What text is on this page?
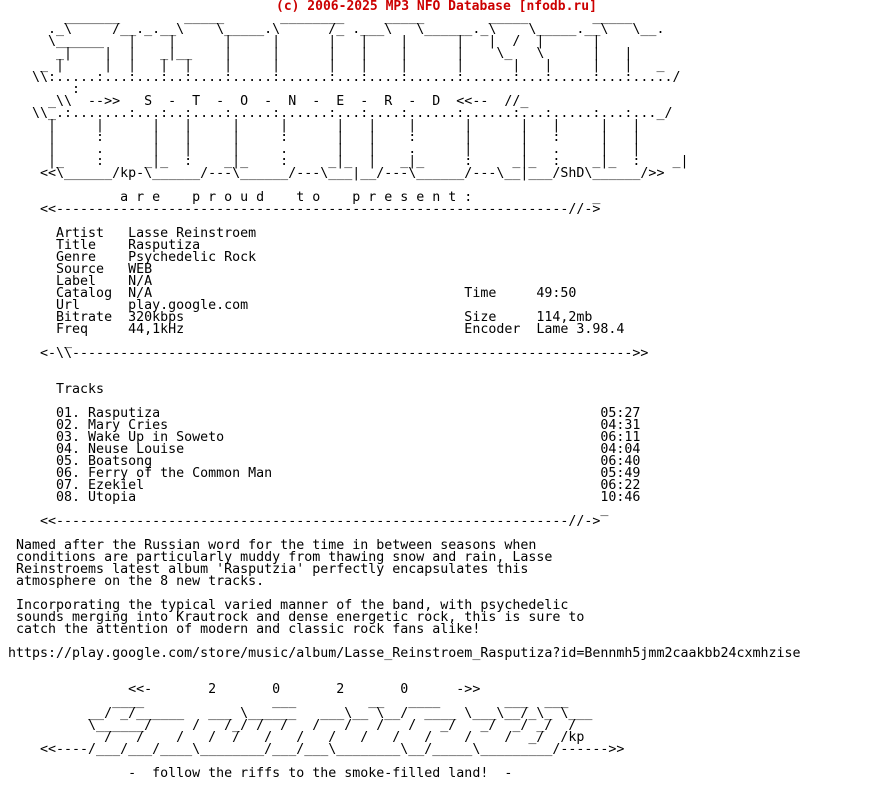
(c) 2006-2025 MP3 NFO Database [nfodb.ru]
_______        _____       ________     _____        _____        _____
._\     /__._.__\    \_____.\      /_ .___\   \______._\    \_____.__\   \__.
\______   |    |      |     |      |   |    |      |   |  /  |      |
_|    |  |   _|__    |     |      |   |    |      |    \_   \      |   |
_ |     |  |   |  |    |     |      |   |    |      |      |   |     |   |   _
\\:.....:...:...:..:....:.....:......:...:....:......:......:...:.....:...:...../
:
_\\  -->>   S  -  T  -  O  -  N  -  E  -  R  -  D  <<--  //_
\\_.:.......:...:..:....:.....:......:...:....:......:......:...:.....:...:..._/
|     |      |   |     |     |      |   |    |      |      |   |     |   |
|     :      |   |     |     :      |   |    :      |      |   :     |   |
|     .      |   |     |     .      |   |    .      |      |   .     |   |
|_    :     _|_  :    _|_    :     _|_  |   _|_     :     _|_  :    _|_  :    _|
<<\______/kp-\______/---\______/---\___|__/---\______/---\__|___/ShD\______/>>
a r e    p r o u d    t o    p r e s e n t :               _
<<----------------------------------------------------------------//->
Artist   Lasse Reinstroem
Title    Rasputiza
Genre    Psychedelic Rock
Source   WEB
Label    N/A
Catalog  N/A                                       Time     49:50
Url      play.google.com
Bitrate  320kbps                                   Size     114,2mb
Freq     44,1kHz                                   Encoder  Lame 3.98.4
_
<-\\---------------------------------------------------------------------->>
Tracks
01. Rasputiza                                                       05:27
02. Mary Cries                                                      04:31
03. Wake Up in Soweto                                               06:11
04. Neuse Louise                                                    04:04
05. Boatsong                                                        06:40
06. Ferry of the Common Man                                         05:49
07. Ezekiel                                                         06:22
08. Utopia                                                          10:46
_
<<----------------------------------------------------------------//->
Named after the Russian word for the time in between seasons when
conditions are particularly muddy from thawing snow and rain, Lasse
Reinstroems latest album 'Rasputzia' perfectly encapsulates this
atmosphere on the 8 new tracks.
Incorporating the typical varied manner of the band, with psychedelic
sounds merging into Krautrock and dense energetic rock, this is sure to
catch the attention of modern and classic rock fans alike!
https://play.google.com/store/music/album/Lasse_Reinstroem_Rasputiza?id=Bennmh5jmm2caakbb24cxmhzise
<<-       2       0       2       0      ->>
____                ___         __   ____        ___  ___
__/ _/______   ___ \______   ___\__ \__/  ____ \___\__/_\_ \___
\______/     /   /_/ /  /   /   /   /   /   _/   _/  _/ _/  /
/   /    /   /  /   /   /   /   /   /   /    /    /  _/  /kp
<<----/___/___/____\________/___/___\________\__/_____\_________/------>>
-  follow the riffs to the smoke-filled land!  -
